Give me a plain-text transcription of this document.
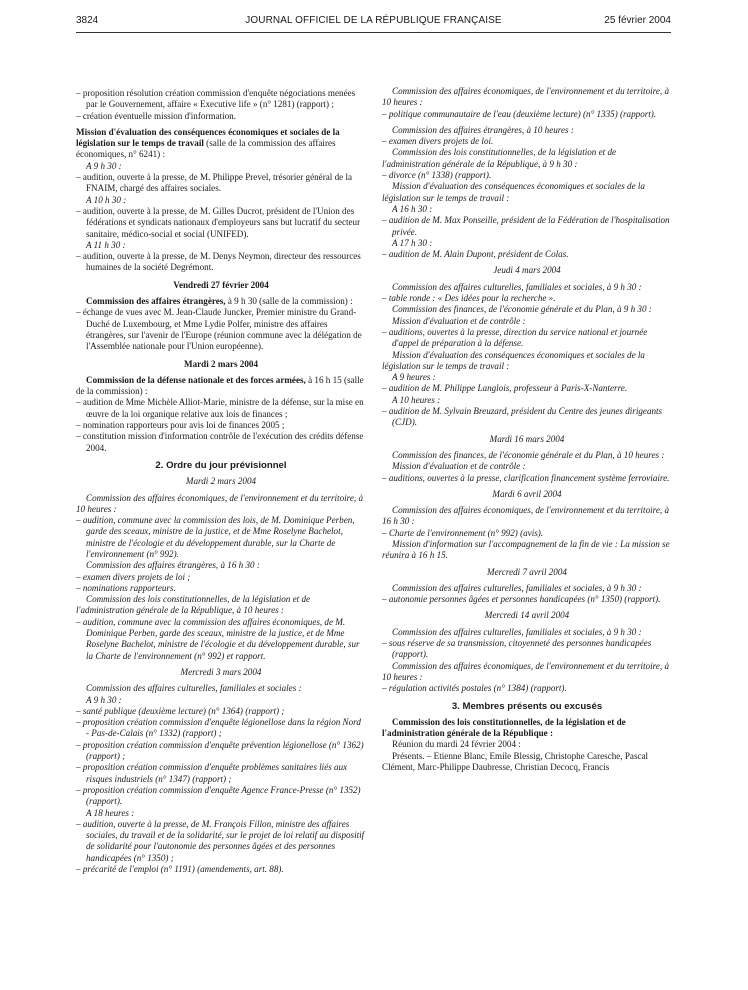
3824	JOURNAL OFFICIEL DE LA RÉPUBLIQUE FRANÇAISE	25 février 2004

– proposition résolution création commission d'enquête négociations menées par le Gouvernement, affaire « Executive life » (n° 1281) (rapport) ;

– création éventuelle mission d'information.

Mission d'évaluation des conséquences économiques et sociales de la législation sur le temps de travail (salle de la commission des affaires économiques, n° 6241) :

A 9 h 30 :

– audition, ouverte à la presse, de M. Philippe Prevel, trésorier général de la FNAIM, chargé des affaires sociales.

A 10 h 30 :

– audition, ouverte à la presse, de M. Gilles Ducrot, président de l'Union des fédérations et syndicats nationaux d'employeurs sans but lucratif du secteur sanitaire, médico-social et social (UNIFED).

A 11 h 30 :

– audition, ouverte à la presse, de M. Denys Neymon, directeur des ressources humaines de la société Degrémont.

Vendredi 27 février 2004

Commission des affaires étrangères, à 9 h 30 (salle de la commission) :

– échange de vues avec M. Jean-Claude Juncker, Premier ministre du Grand-Duché de Luxembourg, et Mme Lydie Polfer, ministre des affaires étrangères, sur l'avenir de l'Europe (réunion commune avec la délégation de l'Assemblée nationale pour l'Union européenne).

Mardi 2 mars 2004

Commission de la défense nationale et des forces armées, à 16 h 15 (salle de la commission) :

– audition de Mme Michèle Alliot-Marie, ministre de la défense, sur la mise en œuvre de la loi organique relative aux lois de finances ;

– nomination rapporteurs pour avis loi de finances 2005 ;

– constitution mission d'information contrôle de l'exécution des crédits défense 2004.

2. Ordre du jour prévisionnel

Mardi 2 mars 2004

Commission des affaires économiques, de l'environnement et du territoire, à 10 heures :

– audition, commune avec la commission des lois, de M. Dominique Perben, garde des sceaux, ministre de la justice, et de Mme Roselyne Bachelot, ministre de l'écologie et du développement durable, sur la Charte de l'environnement (n° 992).

Commission des affaires étrangères, à 16 h 30 :

– examen divers projets de loi ;

– nominations rapporteurs.

Commission des lois constitutionnelles, de la législation et de l'administration générale de la République, à 10 heures :

– audition, commune avec la commission des affaires économiques, de M. Dominique Perben, garde des sceaux, ministre de la justice, et de Mme Roselyne Bachelot, ministre de l'écologie et du développement durable, sur la Charte de l'environnement (n° 992) et rapport.

Mercredi 3 mars 2004

Commission des affaires culturelles, familiales et sociales :

A 9 h 30 :

– santé publique (deuxième lecture) (n° 1364) (rapport) ;

– proposition création commission d'enquête légionellose dans la région Nord - Pas-de-Calais (n° 1332) (rapport) ;

– proposition création commission d'enquête prévention légionellose (n° 1362) (rapport) ;

– proposition création commission d'enquête problèmes sanitaires liés aux risques industriels (n° 1347) (rapport) ;

– proposition création commission d'enquête Agence France-Presse (n° 1352) (rapport).

A 18 heures :

– audition, ouverte à la presse, de M. François Fillon, ministre des affaires sociales, du travail et de la solidarité, sur le projet de loi relatif au dispositif de solidarité pour l'autonomie des personnes âgées et des personnes handicapées (n° 1350) ;

– précarité de l'emploi (n° 1191) (amendements, art. 88).

Commission des affaires économiques, de l'environnement et du territoire, à 10 heures :

– politique communautaire de l'eau (deuxième lecture) (n° 1335) (rapport).

Commission des affaires étrangères, à 10 heures :

– examen divers projets de loi.

Commission des lois constitutionnelles, de la législation et de l'administration générale de la République, à 9 h 30 :

– divorce (n° 1338) (rapport).

Mission d'évaluation des conséquences économiques et sociales de la législation sur le temps de travail :

A 16 h 30 :

– audition de M. Max Ponseille, président de la Fédération de l'hospitalisation privée.

A 17 h 30 :

– audition de M. Alain Dupont, président de Colas.

Jeudi 4 mars 2004

Commission des affaires culturelles, familiales et sociales, à 9 h 30 :

– table ronde : « Des idées pour la recherche ».

Commission des finances, de l'économie générale et du Plan, à 9 h 30 :

Mission d'évaluation et de contrôle :

– auditions, ouvertes à la presse, direction du service national et journée d'appel de préparation à la défense.

Mission d'évaluation des conséquences économiques et sociales de la législation sur le temps de travail :

A 9 heures :

– audition de M. Philippe Langlois, professeur à Paris-X-Nanterre.

A 10 heures :

– audition de M. Sylvain Breuzard, président du Centre des jeunes dirigeants (CJD).

Mardi 16 mars 2004

Commission des finances, de l'économie générale et du Plan, à 10 heures :

Mission d'évaluation et de contrôle :

– auditions, ouvertes à la presse, clarification financement système ferroviaire.

Mardi 6 avril 2004

Commission des affaires économiques, de l'environnement et du territoire, à 16 h 30 :

– Charte de l'environnement (n° 992) (avis).

Mission d'information sur l'accompagnement de la fin de vie : La mission se réunira à 16 h 15.

Mercredi 7 avril 2004

Commission des affaires culturelles, familiales et sociales, à 9 h 30 :

– autonomie personnes âgées et personnes handicapées (n° 1350) (rapport).

Mercredi 14 avril 2004

Commission des affaires culturelles, familiales et sociales, à 9 h 30 :

– sous réserve de sa transmission, citoyenneté des personnes handicapées (rapport).

Commission des affaires économiques, de l'environnement et du territoire, à 10 heures :

– régulation activités postales (n° 1384) (rapport).

3. Membres présents ou excusés

Commission des lois constitutionnelles, de la législation et de l'administration générale de la République :

Réunion du mardi 24 février 2004 :

Présents. – Etienne Blanc, Emile Blessig, Christophe Caresche, Pascal Clément, Marc-Philippe Daubresse, Christian Decocq, Francis
